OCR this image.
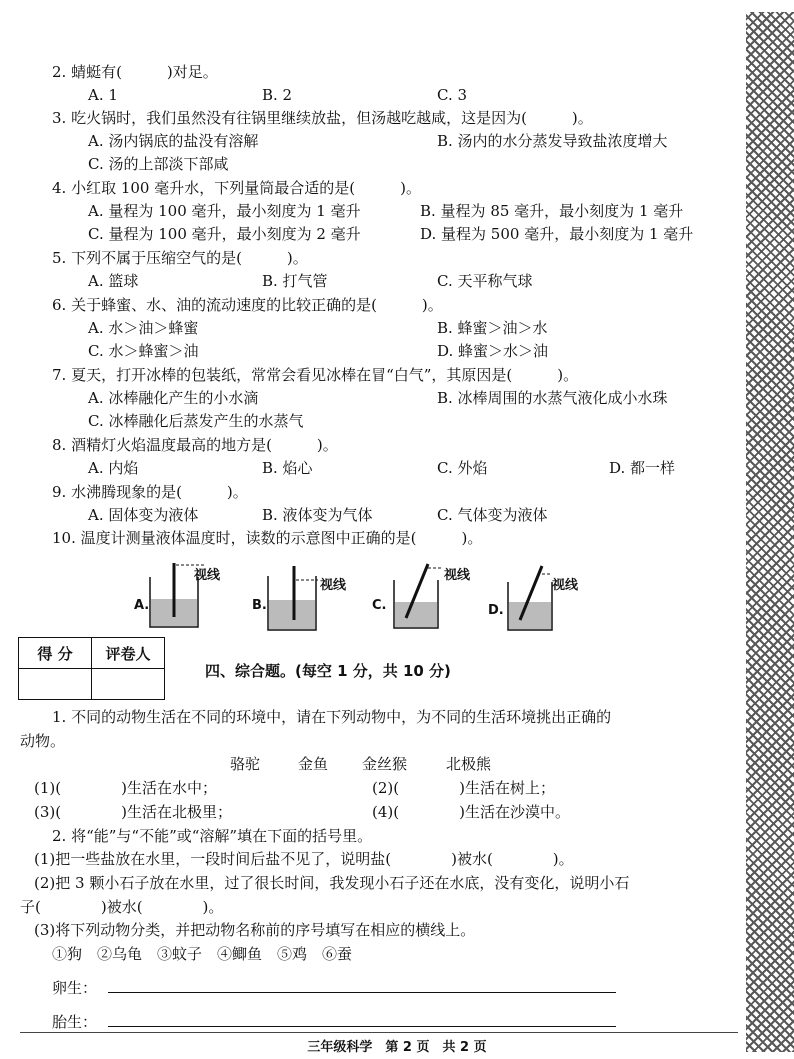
2. 蜻蜓有(　　　)对足。
A. 1	B. 2	C. 3
3. 吃火锅时，我们虽然没有往锅里继续放盐，但汤越吃越咸，这是因为(　　　)。
A. 汤内锅底的盐没有溶解	B. 汤内的水分蒸发导致盐浓度增大
C. 汤的上部淡下部咸
4. 小红取 100 毫升水，下列量筒最合适的是(　　　)。
A. 量程为 100 毫升，最小刻度为 1 毫升	B. 量程为 85 毫升，最小刻度为 1 毫升
C. 量程为 100 毫升，最小刻度为 2 毫升	D. 量程为 500 毫升，最小刻度为 1 毫升
5. 下列不属于压缩空气的是(　　　)。
A. 篮球	B. 打气管	C. 天平称气球
6. 关于蜂蜜、水、油的流动速度的比较正确的是(　　　)。
A. 水＞油＞蜂蜜	B. 蜂蜜＞油＞水
C. 水＞蜂蜜＞油	D. 蜂蜜＞水＞油
7. 夏天，打开冰棒的包装纸，常常会看见冰棒在冒“白气”，其原因是(　　　)。
A. 冰棒融化产生的小水滴	B. 冰棒周围的水蒸气液化成小水珠
C. 冰棒融化后蒸发产生的水蒸气
8. 酒精灯火焰温度最高的地方是(　　　)。
A. 内焰	B. 焰心	C. 外焰	D. 都一样
9. 水沸腾现象的是(　　　)。
A. 固体变为液体	B. 液体变为气体	C. 气体变为液体
10. 温度计测量液体温度时，读数的示意图中正确的是(　　　)。
A.
视线
B.
视线
C.
视线
D.
视线
得 分	评卷人

四、综合题。(每空 1 分，共 10 分)
1. 不同的动物生活在不同的环境中，请在下列动物中，为不同的生活环境挑出正确的
动物。
骆驼	金鱼 金丝猴	北极熊
(1)(　　　　)生活在水中；	(2)(　　　　)生活在树上；
(3)(　　　　)生活在北极里；	(4)(　　　　)生活在沙漠中。
2. 将“能”与“不能”或“溶解”填在下面的括号里。
(1)把一些盐放在水里，一段时间后盐不见了，说明盐(　　　　)被水(　　　　)。
(2)把 3 颗小石子放在水里，过了很长时间，我发现小石子还在水底，没有变化，说明小石
子(　　　　)被水(　　　　)。
(3)将下列动物分类，并把动物名称前的序号填写在相应的横线上。
①狗　②乌龟　③蚊子　④鲫鱼　⑤鸡　⑥蚕
卵生：
胎生：
三年级科学　第 2 页　共 2 页
